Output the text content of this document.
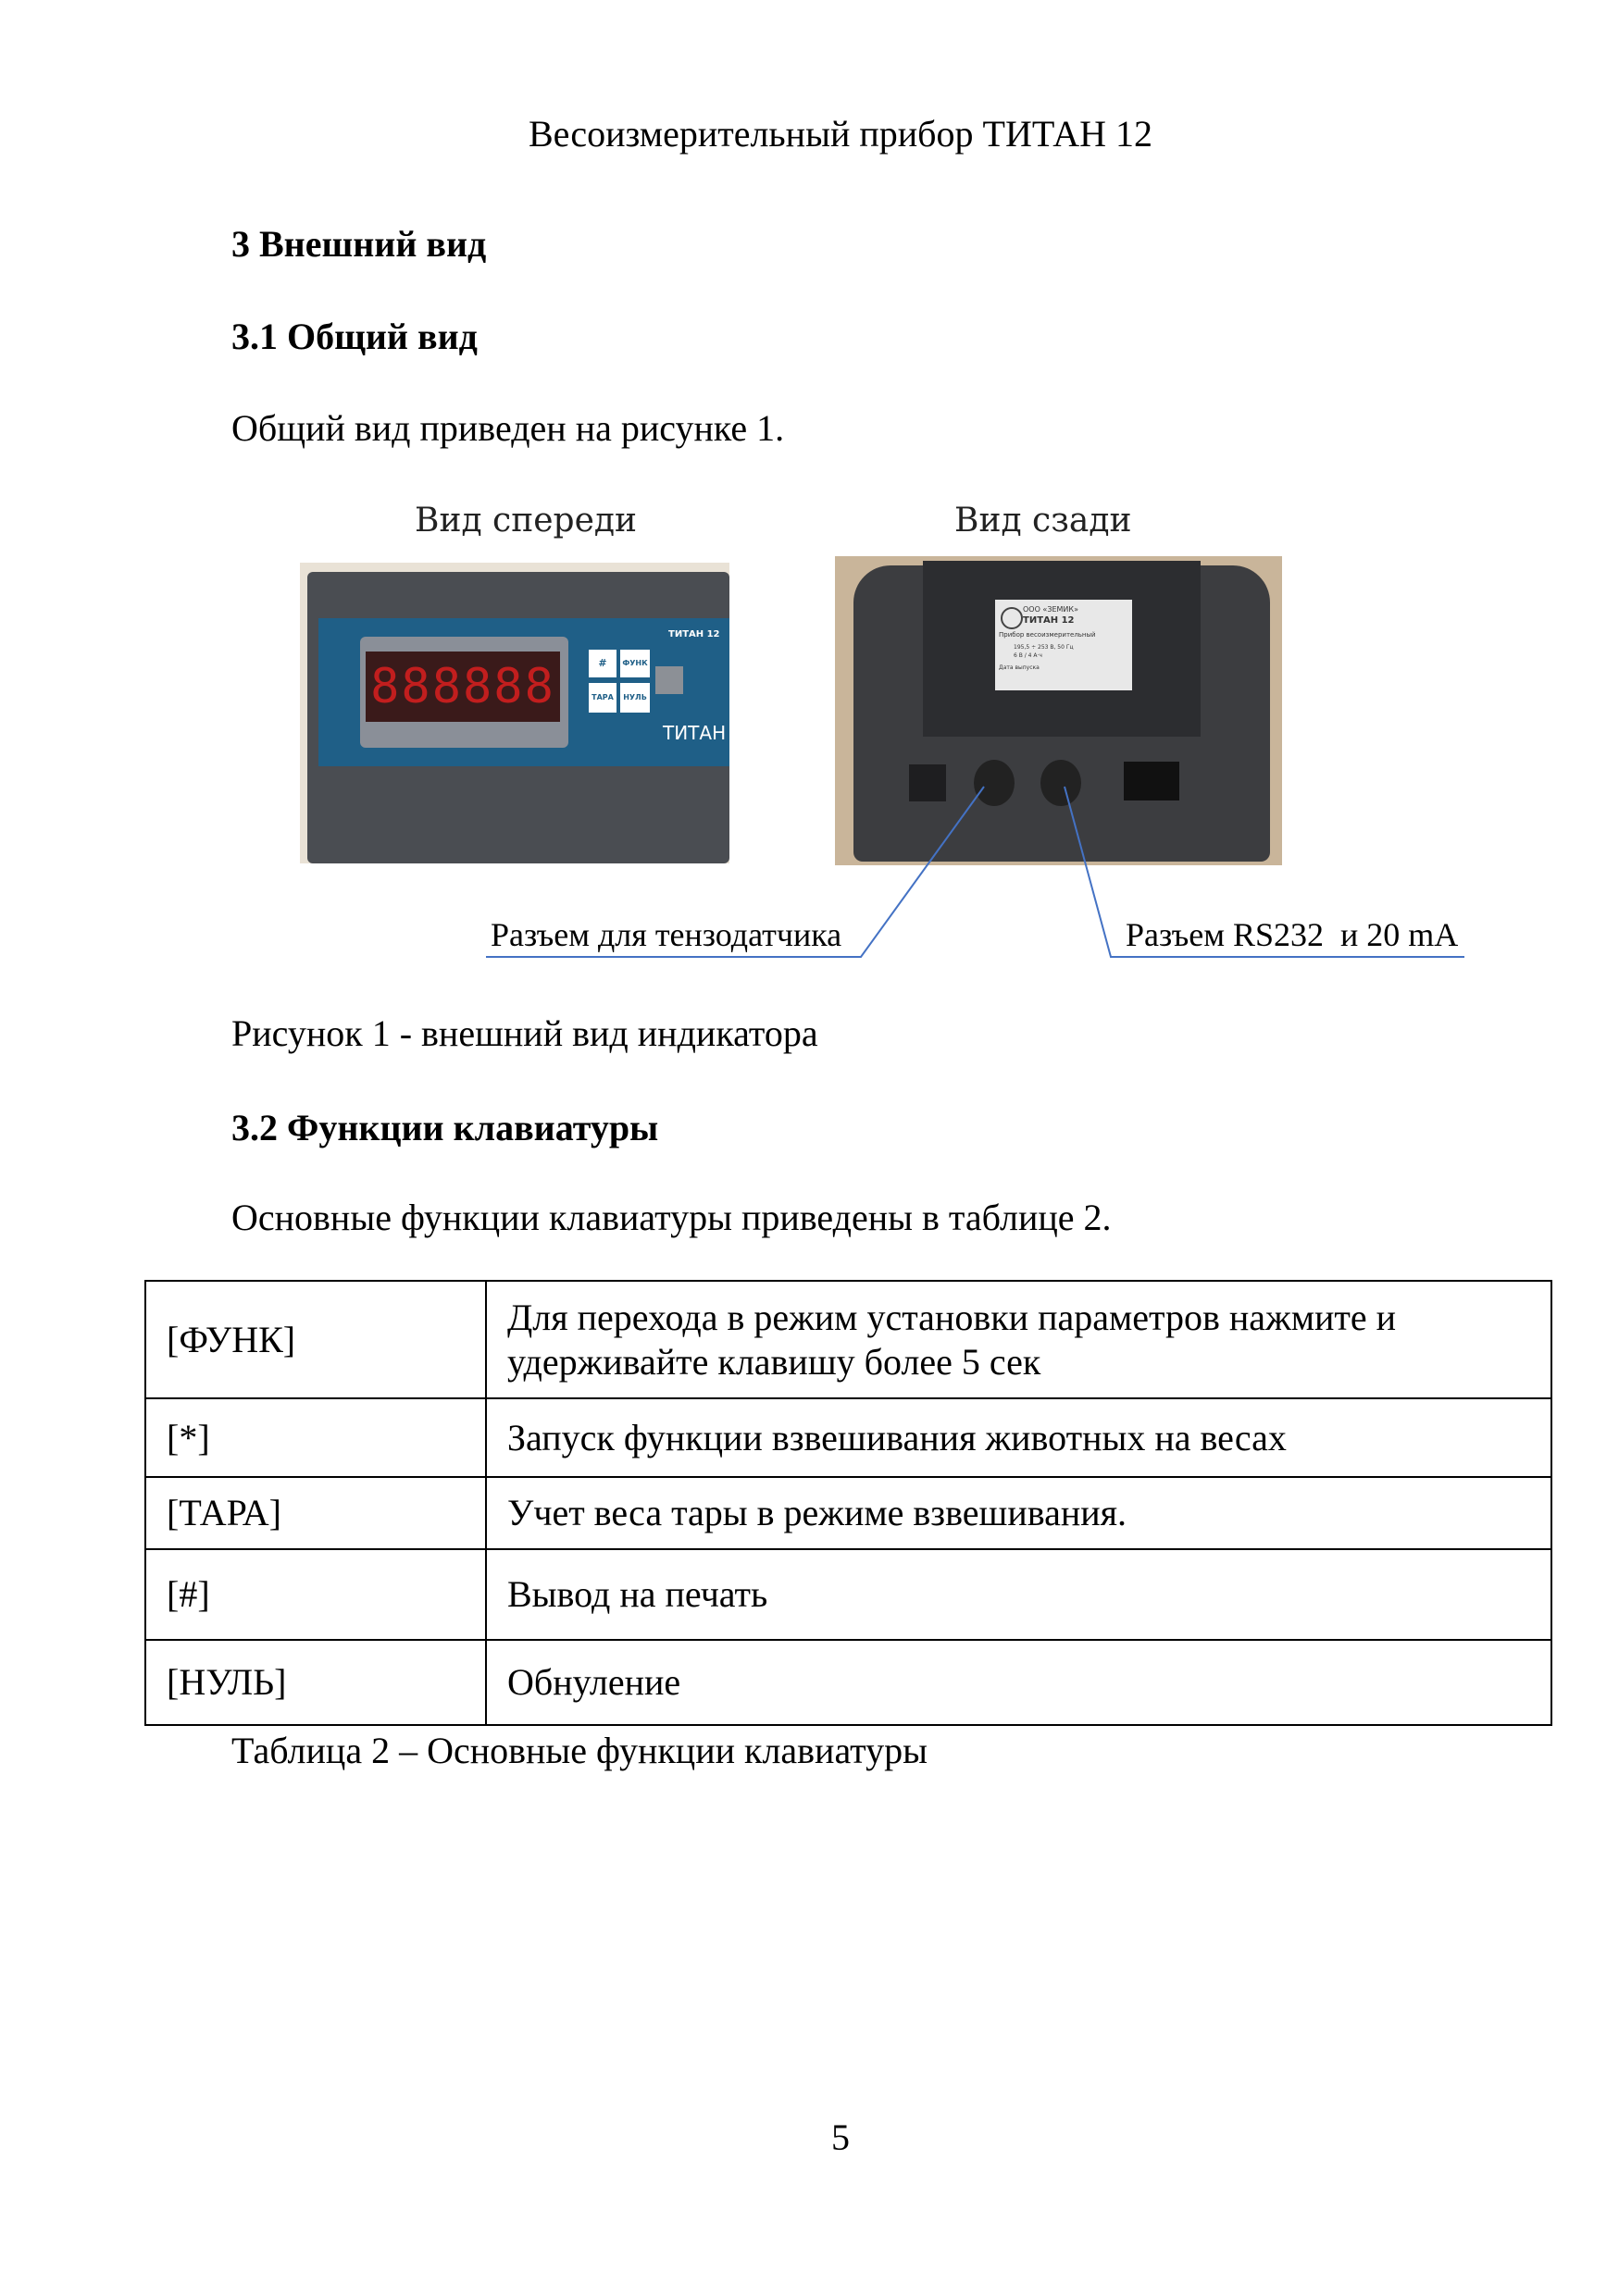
Весоизмерительный прибор ТИТАН 12
3 Внешний вид
3.1 Общий вид
Общий вид приведен на рисунке 1.
Вид спереди	Вид сзади
888888	#	ФУНК
ТАРА	НУЛЬ
ТИТАН 12
ТИТАН
ООО «ЗЕМИК»
ТИТАН 12
Прибор весоизмерительный
195,5 ÷ 253 В, 50 Гц
6 В / 4 А·ч
Дата выпуска
Разъем для тензодатчика	Разъем RS232  и 20 mA
Рисунок 1 - внешний вид индикатора
3.2 Функции клавиатуры
Основные функции клавиатуры приведены в таблице 2.
[ФУНК]	Для перехода в режим установки параметров нажмите и удерживайте клавишу более 5 сек
[*]	Запуск функции взвешивания животных на весах
[ТАРА]	Учет веса тары в режиме взвешивания.
[#]	Вывод на печать
[НУЛЬ]	Обнуление
Таблица 2 – Основные функции клавиатуры
5
